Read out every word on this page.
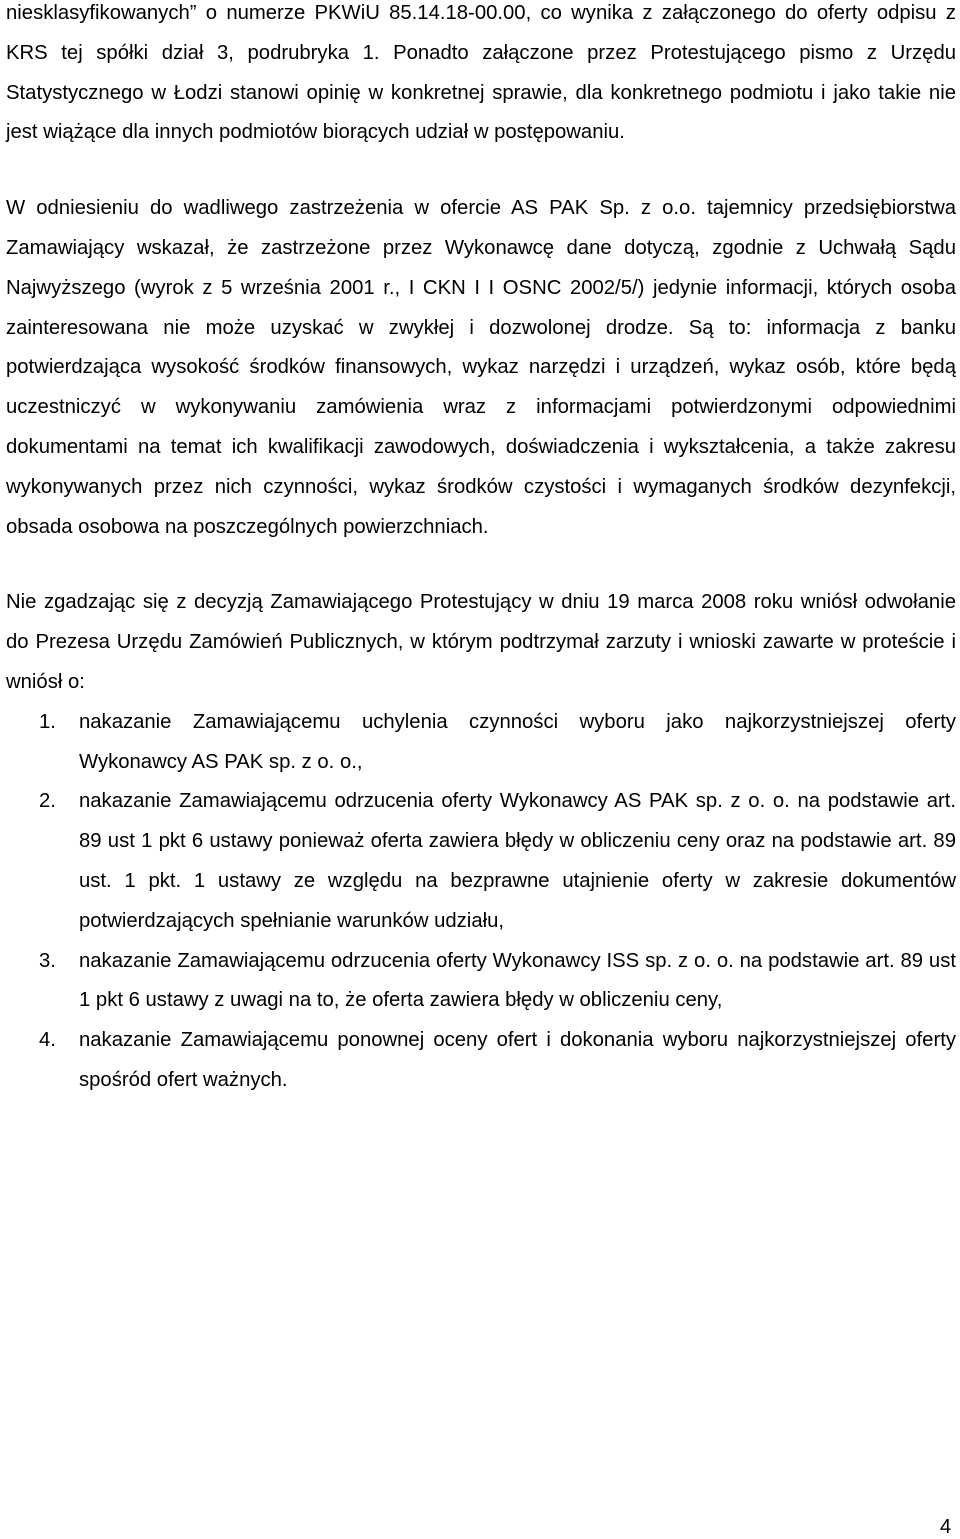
niesklasyfikowanych” o numerze PKWiU 85.14.18-00.00, co wynika z załączonego do oferty odpisu z KRS tej spółki dział 3, podrubryka 1. Ponadto załączone przez Protestującego pismo z Urzędu Statystycznego w Łodzi stanowi opinię w konkretnej sprawie, dla konkretnego podmiotu i jako takie nie jest wiążące dla innych podmiotów biorących udział w postępowaniu.

W odniesieniu do wadliwego zastrzeżenia w ofercie AS PAK Sp. z o.o. tajemnicy przedsiębiorstwa Zamawiający wskazał, że zastrzeżone przez Wykonawcę dane dotyczą, zgodnie z Uchwałą Sądu Najwyższego (wyrok z 5 września 2001 r., I CKN I I OSNC 2002/5/) jedynie informacji, których osoba zainteresowana nie może uzyskać w zwykłej i dozwolonej drodze. Są to: informacja z banku potwierdzająca wysokość środków finansowych, wykaz narzędzi i urządzeń, wykaz osób, które będą uczestniczyć w wykonywaniu zamówienia wraz z informacjami potwierdzonymi odpowiednimi dokumentami na temat ich kwalifikacji zawodowych, doświadczenia i wykształcenia, a także zakresu wykonywanych przez nich czynności, wykaz środków czystości i wymaganych środków dezynfekcji, obsada osobowa na poszczególnych powierzchniach.

Nie zgadzając się z decyzją Zamawiającego Protestujący w dniu 19 marca 2008 roku wniósł odwołanie do Prezesa Urzędu Zamówień Publicznych, w którym podtrzymał zarzuty i wnioski zawarte w proteście i wniósł o:

1. nakazanie Zamawiającemu uchylenia czynności wyboru jako najkorzystniejszej oferty Wykonawcy AS PAK sp. z o. o.,
2. nakazanie Zamawiającemu odrzucenia oferty Wykonawcy AS PAK sp. z o. o. na podstawie art. 89 ust 1 pkt 6 ustawy ponieważ oferta zawiera błędy w obliczeniu ceny oraz na podstawie art. 89 ust. 1 pkt. 1 ustawy ze względu na bezprawne utajnienie oferty w zakresie dokumentów potwierdzających spełnianie warunków udziału,
3. nakazanie Zamawiającemu odrzucenia oferty Wykonawcy ISS sp. z o. o. na podstawie art. 89 ust 1 pkt 6 ustawy z uwagi na to, że oferta zawiera błędy w obliczeniu ceny,
4. nakazanie Zamawiającemu ponownej oceny ofert i dokonania wyboru najkorzystniejszej oferty spośród ofert ważnych.
4
